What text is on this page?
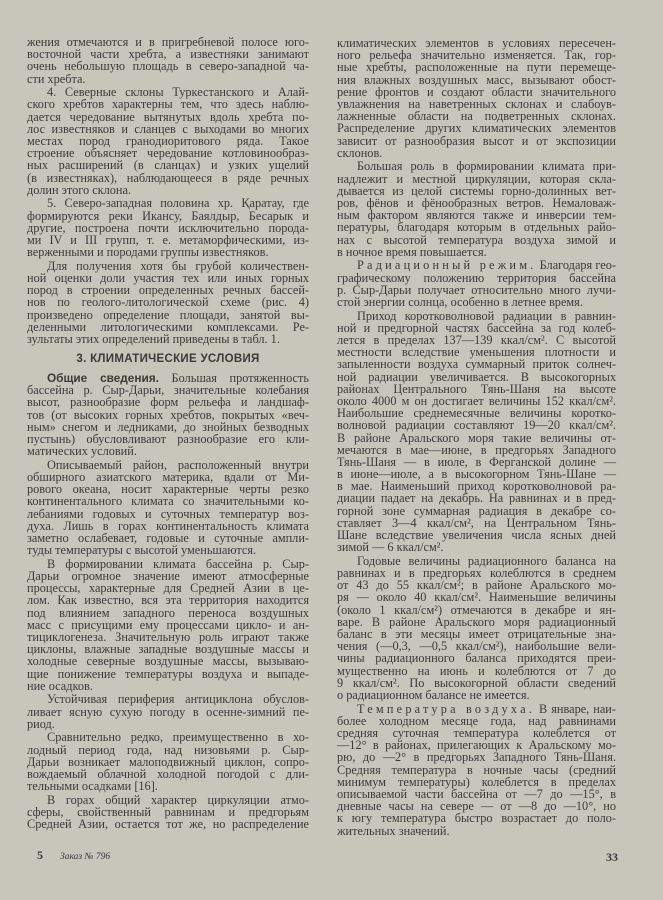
жения отмечаются и в пригребневой полосе юго-
восточной части хребта, а известняки занимают
очень небольшую площадь в северо-западной ча-
сти хребта.
4. Северные склоны Туркестанского и Алай-
ского хребтов характерны тем, что здесь наблю-
дается чередование вытянутых вдоль хребта по-
лос известняков и сланцев с выходами во многих
местах пород гранодиоритового ряда. Такое
строение объясняет чередование котловинообраз-
ных расширений (в сланцах) и узких ущелий
(в известняках), наблюдающееся в ряде речных
долин этого склона.
5. Северо-западная половина хр. Қаратау, где
формируются реки Икансу, Баялдыр, Бесарык и
другие, построена почти исключительно порода-
ми IV и III групп, т. е. метаморфическими, из-
верженными и породами группы известняков.
Для получения хотя бы грубой количествен-
ной оценки доли участия тех или иных горных
пород в строении определенных речных бассей-
нов по геолого-литологической схеме (рис. 4)
произведено определение площади, занятой вы-
деленными литологическими комплексами. Ре-
зультаты этих определений приведены в табл. 1.
3. КЛИМАТИЧЕСКИЕ УСЛОВИЯ
Общие сведения. Большая протяженность
бассейна р. Сыр-Дарьи, значительные колебания
высот, разнообразие форм рельефа и ландшаф-
тов (от высоких горных хребтов, покрытых «веч-
ным» снегом и ледниками, до знойных безводных
пустынь) обусловливают разнообразие его кли-
матических условий.
Описываемый район, расположенный внутри
обширного азиатского материка, вдали от Ми-
рового океана, носит характерные черты резко
континентального климата со значительными ко-
лебаниями годовых и суточных температур воз-
духа. Лишь в горах континентальность климата
заметно ослабевает, годовые и суточные ампли-
туды температуры с высотой уменьшаются.
В формировании климата бассейна р. Сыр-
Дарьи огромное значение имеют атмосферные
процессы, характерные для Средней Азии в це-
лом. Как известно, вся эта территория находится
под влиянием западного переноса воздушных
масс с присущими ему процессами цикло- и ан-
тициклогенеза. Значительную роль играют также
циклоны, влажные западные воздушные массы и
холодные северные воздушные массы, вызываю-
щие понижение температуры воздуха и выпаде-
ние осадков.
Устойчивая периферия антициклона обуслов-
ливает ясную сухую погоду в осенне-зимний пе-
риод.
Сравнительно редко, преимущественно в хо-
лодный период года, над низовьями р. Сыр-
Дарьи возникает малоподвижный циклон, сопро-
вождаемый облачной холодной погодой с дли-
тельными осадками [16].
В горах общий характер циркуляции атмо-
сферы, свойственный равнинам и предгорьям
Средней Азии, остается тот же, но распределение
климатических элементов в условиях пересечен-
ного рельефа значительно изменяется. Так, гор-
ные хребты, расположенные на пути перемеще-
ния влажных воздушных масс, вызывают обост-
рение фронтов и создают области значительного
увлажнения на наветренных склонах и слабоув-
лажненные области на подветренных склонах.
Распределение других климатических элементов
зависит от разнообразия высот и от экспозиции
склонов.
Большая роль в формировании климата при-
надлежит и местной циркуляции, которая скла-
дывается из целой системы горно-долинных вет-
ров, фёнов и фёнообразных ветров. Немаловаж-
ным фактором являются также и инверсии тем-
пературы, благодаря которым в отдельных райо-
нах с высотой температура воздуха зимой и
в ночное время повышается.
Радиационный режим. Благодаря гео-
графическому положению территория бассейна
р. Сыр-Дарьи получает относительно много лучи-
стой энергии солнца, особенно в летнее время.
Приход коротковолновой радиации в равнин-
ной и предгорной частях бассейна за год колеб-
лется в пределах 137—139 ккал/см². С высотой
местности вследствие уменьшения плотности и
запыленности воздуха суммарный приток солнеч-
ной радиации увеличивается. В высокогорных
районах Центрального Тянь-Шаня на высоте
около 4000 м он достигает величины 152 ккал/см².
Наибольшие среднемесячные величины коротко-
волновой радиации составляют 19—20 ккал/см².
В районе Аральского моря такие величины от-
мечаются в мае—июне, в предгорьях Западного
Тянь-Шаня — в июле, в Ферганской долине —
в июне—июле, а в высокогорном Тянь-Шане —
в мае. Наименьший приход коротковолновой ра-
диации падает на декабрь. На равнинах и в пред-
горной зоне суммарная радиация в декабре со-
ставляет 3—4 ккал/см², на Центральном Тянь-
Шане вследствие увеличения числа ясных дней
зимой — 6 ккал/см².
Годовые величины радиационного баланса на
равнинах и в предгорьях колеблются в среднем
от 43 до 55 ккал/см²; в районе Аральского мо-
ря — около 40 ккал/см². Наименьшие величины
(около 1 ккал/см²) отмечаются в декабре и ян-
варе. В районе Аральского моря радиационный
баланс в эти месяцы имеет отрицательные зна-
чения (—0,3, —0,5 ккал/см²), наибольшие вели-
чины радиационного баланса приходятся преи-
мущественно на июнь и колеблются от 7 до
9 ккал/см². По высокогорной области сведений
о радиационном балансе не имеется.
Температура воздуха. В январе, наи-
более холодном месяце года, над равнинами
средняя суточная температура колеблется от
—12° в районах, прилегающих к Аральскому мо-
рю, до —2° в предгорьях Западного Тянь-Шаня.
Средняя температура в ночные часы (средний
минимум температуры) колеблется в пределах
описываемой части бассейна от —7 до —15°, в
дневные часы на севере — от —8 до —10°, но
к югу температура быстро возрастает до поло-
жительных значений.
5 Заказ № 796	33
